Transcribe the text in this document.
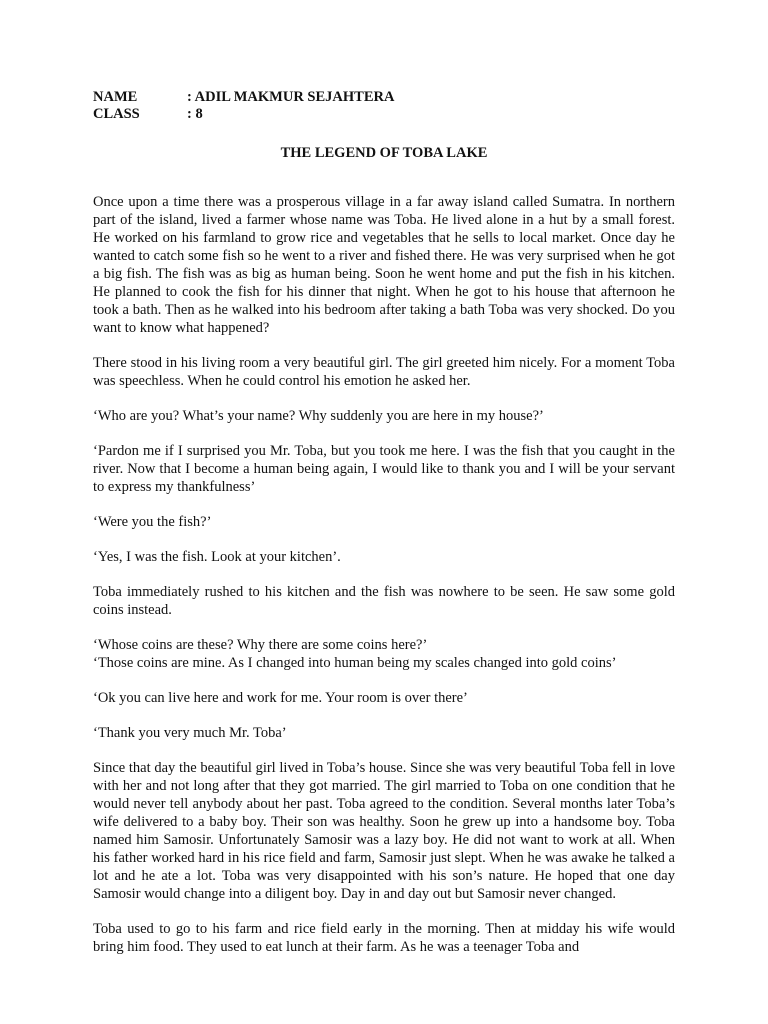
NAME	: ADIL MAKMUR SEJAHTERA
CLASS	: 8
THE LEGEND OF TOBA LAKE

Once upon a time there was a prosperous village in a far away island called Sumatra. In northern part of the island, lived a farmer whose name was Toba. He lived alone in a hut by a small forest. He worked on his farmland to grow rice and vegetables that he sells to local market. Once day he wanted to catch some fish so he went to a river and fished there. He was very surprised when he got a big fish. The fish was as big as human being. Soon he went home and put the fish in his kitchen. He planned to cook the fish for his dinner that night. When he got to his house that afternoon he took a bath. Then as he walked into his bedroom after taking a bath Toba was very shocked. Do you want to know what happened?

There stood in his living room a very beautiful girl. The girl greeted him nicely. For a moment Toba was speechless. When he could control his emotion he asked her.

‘Who are you? What’s your name? Why suddenly you are here in my house?’

‘Pardon me if I surprised you Mr. Toba, but you took me here. I was the fish that you caught in the river. Now that I become a human being again, I would like to thank you and I will be your servant to express my thankfulness’

‘Were you the fish?’

‘Yes, I was the fish. Look at your kitchen’.

Toba immediately rushed to his kitchen and the fish was nowhere to be seen. He saw some gold coins instead.

‘Whose coins are these? Why there are some coins here?’

‘Those coins are mine. As I changed into human being my scales changed into gold coins’

‘Ok you can live here and work for me. Your room is over there’

‘Thank you very much Mr. Toba’

Since that day the beautiful girl lived in Toba’s house. Since she was very beautiful Toba fell in love with her and not long after that they got married. The girl married to Toba on one condition that he would never tell anybody about her past. Toba agreed to the condition. Several months later Toba’s wife delivered to a baby boy. Their son was healthy. Soon he grew up into a handsome boy. Toba named him Samosir. Unfortunately Samosir was a lazy boy. He did not want to work at all. When his father worked hard in his rice field and farm, Samosir just slept. When he was awake he talked a lot and he ate a lot. Toba was very disappointed with his son’s nature. He hoped that one day Samosir would change into a diligent boy. Day in and day out but Samosir never changed.

Toba used to go to his farm and rice field early in the morning. Then at midday his wife would bring him food. They used to eat lunch at their farm. As he was a teenager Toba and
